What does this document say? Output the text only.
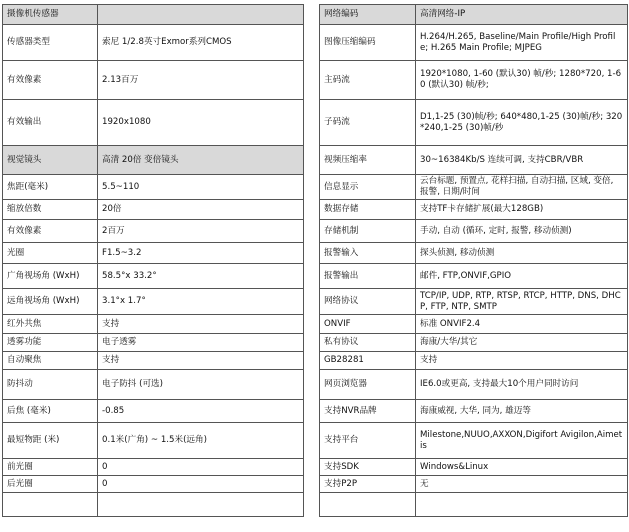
摄像机传感器	
传感器类型	索尼 1/2.8英寸Exmor系列CMOS
有效像素	2.13百万
有效输出	1920x1080
视觉镜头	高清 20倍 变倍镜头
焦距(毫米)	5.5~110
缩放倍数	20倍
有效像素	2百万
光圈	F1.5~3.2
广角视场角 (WxH)	58.5°x 33.2°
远角视场角 (WxH)	3.1°x 1.7°
红外共焦	支持
透雾功能	电子透雾
自动聚焦	支持
防抖动	电子防抖 (可选)
后焦 (毫米)	-0.85
最短物距 (米)	0.1米(广角) ~ 1.5米(远角)
前光圈	0
后光圈	0

网络编码	高清网络-IP
图像压缩编码	H.264/H.265, Baseline/Main Profile/High Profile; H.265 Main Profile; MJPEG
主码流	1920*1080, 1-60 (默认30) 帧/秒; 1280*720, 1-60 (默认30) 帧/秒;
子码流	D1,1-25 (30)帧/秒; 640*480,1-25 (30)帧/秒; 320*240,1-25 (30)帧/秒
视频压缩率	30~16384Kb/S 连续可调, 支持CBR/VBR
信息显示	云台标题, 预置点, 花样扫描, 自动扫描, 区域, 变倍, 报警, 日期/时间
数据存储	支持TF卡存储扩展(最大128GB)
存储机制	手动, 自动 (循环, 定时, 报警, 移动侦测)
报警输入	探头侦测, 移动侦测
报警输出	邮件, FTP,ONVIF,GPIO
网络协议	TCP/IP, UDP, RTP, RTSP, RTCP, HTTP, DNS, DHCP, FTP, NTP, SMTP
ONVIF	标准 ONVIF2.4
私有协议	海康/大华/其它
GB28281	支持
网页浏览器	IE6.0或更高, 支持最大10个用户同时访问
支持NVR品牌	海康威视, 大华, 同为, 雄迈等
支持平台	Milestone,NUUO,AXXON,Digifort Avigilon,Aimetis
支持SDK	Windows&Linux
支持P2P	无
